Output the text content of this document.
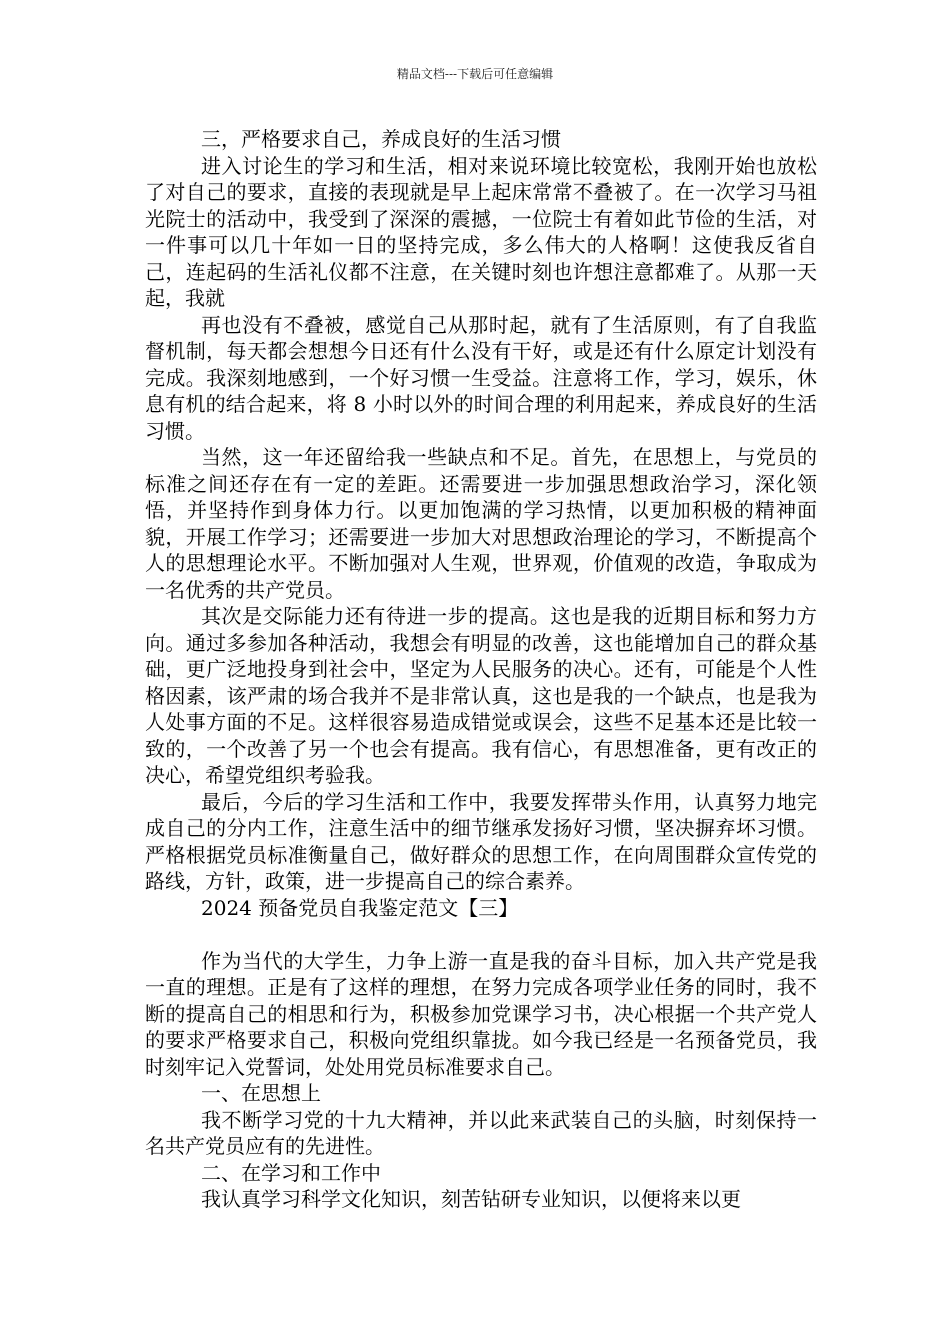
精品文档---下载后可任意编辑

三，严格要求自己，养成良好的生活习惯

进入讨论生的学习和生活，相对来说环境比较宽松，我刚开始也放松了对自己的要求，直接的表现就是早上起床常常不叠被了。在一次学习马祖光院士的活动中，我受到了深深的震撼，一位院士有着如此节俭的生活，对一件事可以几十年如一日的坚持完成，多么伟大的人格啊！这使我反省自己，连起码的生活礼仪都不注意，在关键时刻也许想注意都难了。从那一天起，我就

再也没有不叠被，感觉自己从那时起，就有了生活原则，有了自我监督机制，每天都会想想今日还有什么没有干好，或是还有什么原定计划没有完成。我深刻地感到，一个好习惯一生受益。注意将工作，学习，娱乐，休息有机的结合起来，将 8 小时以外的时间合理的利用起来，养成良好的生活习惯。

当然，这一年还留给我一些缺点和不足。首先，在思想上，与党员的标准之间还存在有一定的差距。还需要进一步加强思想政治学习，深化领悟，并坚持作到身体力行。以更加饱满的学习热情，以更加积极的精神面貌，开展工作学习；还需要进一步加大对思想政治理论的学习，不断提高个人的思想理论水平。不断加强对人生观，世界观，价值观的改造，争取成为一名优秀的共产党员。

其次是交际能力还有待进一步的提高。这也是我的近期目标和努力方向。通过多参加各种活动，我想会有明显的改善，这也能增加自己的群众基础，更广泛地投身到社会中，坚定为人民服务的决心。还有，可能是个人性格因素，该严肃的场合我并不是非常认真，这也是我的一个缺点，也是我为人处事方面的不足。这样很容易造成错觉或误会，这些不足基本还是比较一致的，一个改善了另一个也会有提高。我有信心，有思想准备，更有改正的决心，希望党组织考验我。

最后，今后的学习生活和工作中，我要发挥带头作用，认真努力地完成自己的分内工作，注意生活中的细节继承发扬好习惯，坚决摒弃坏习惯。严格根据党员标准衡量自己，做好群众的思想工作，在向周围群众宣传党的路线，方针，政策，进一步提高自己的综合素养。

2024 预备党员自我鉴定范文【三】

作为当代的大学生，力争上游一直是我的奋斗目标，加入共产党是我一直的理想。正是有了这样的理想，在努力完成各项学业任务的同时，我不断的提高自己的相思和行为，积极参加党课学习书，决心根据一个共产党人的要求严格要求自己，积极向党组织靠拢。如今我已经是一名预备党员，我时刻牢记入党誓词，处处用党员标准要求自己。

一、在思想上

我不断学习党的十九大精神，并以此来武装自己的头脑，时刻保持一名共产党员应有的先进性。

二、在学习和工作中

我认真学习科学文化知识，刻苦钻研专业知识，以便将来以更
